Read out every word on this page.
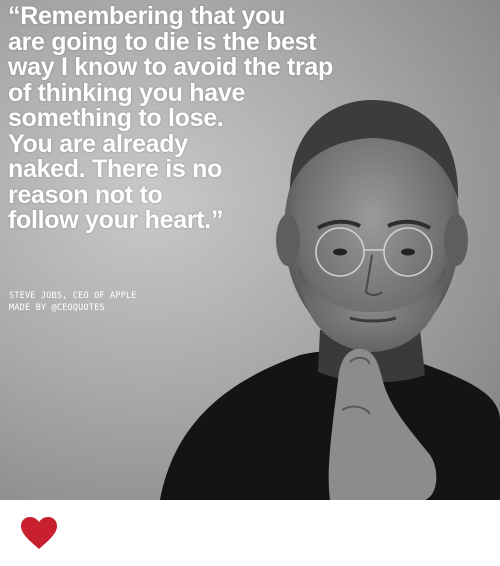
“Remembering that you
are going to die is the best
way I know to avoid the trap
of thinking you have
something to lose.
You are already
naked. There is no
reason not to
follow your heart.”

STEVE JOBS, CEO OF APPLE
MADE BY @CEOQUOTES
